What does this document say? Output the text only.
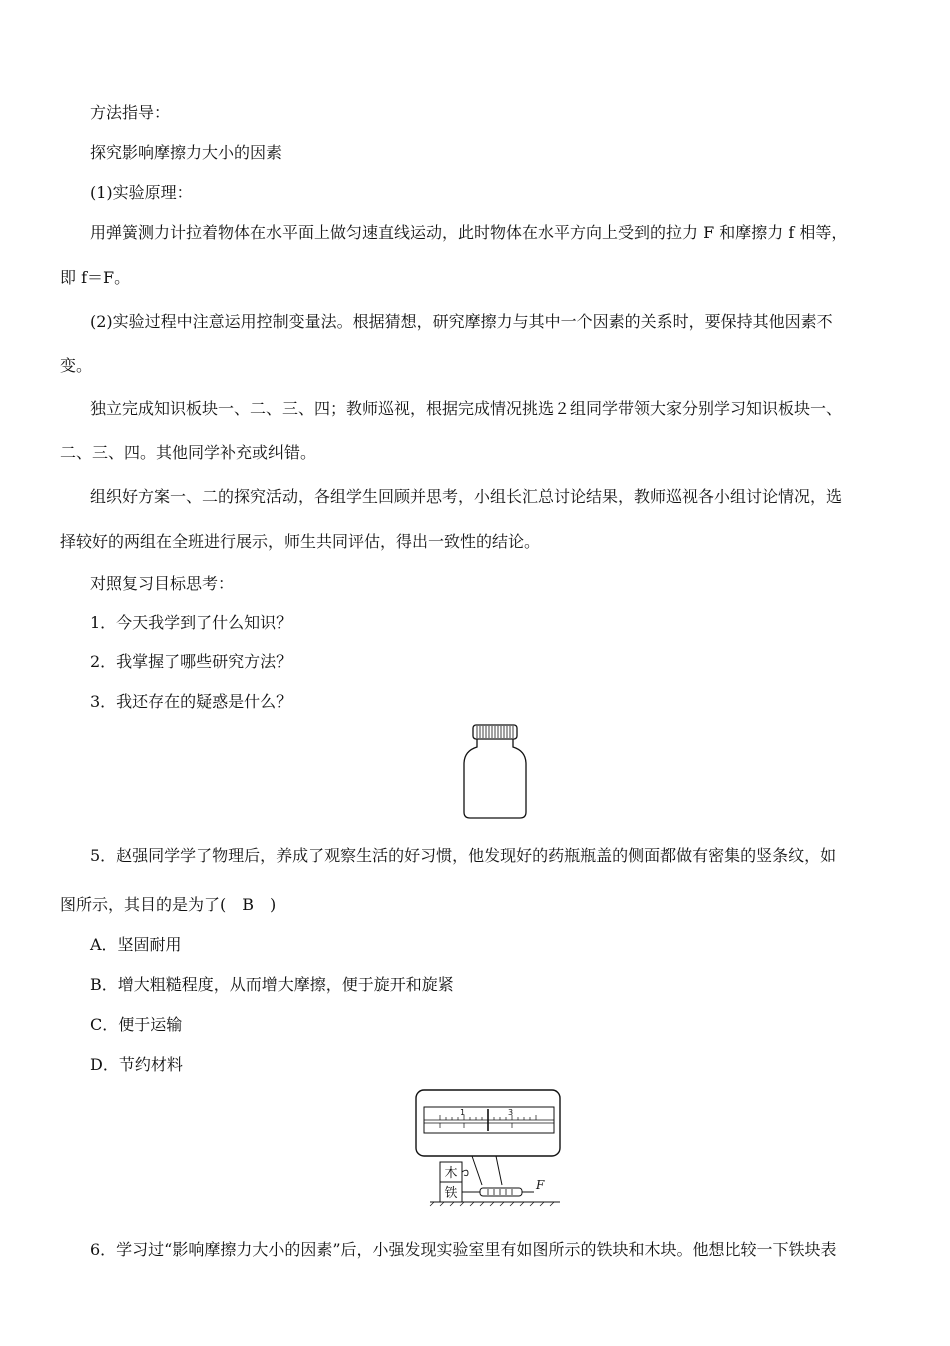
方法指导：
探究影响摩擦力大小的因素
(1)实验原理：
用弹簧测力计拉着物体在水平面上做匀速直线运动，此时物体在水平方向上受到的拉力 F 和摩擦力 f 相等，
即 f＝F。
(2)实验过程中注意运用控制变量法。根据猜想，研究摩擦力与其中一个因素的关系时，要保持其他因素不
变。
独立完成知识板块一、二、三、四；教师巡视，根据完成情况挑选２组同学带领大家分别学习知识板块一、
二、三、四。其他同学补充或纠错。
组织好方案一、二的探究活动，各组学生回顾并思考，小组长汇总讨论结果，教师巡视各小组讨论情况，选
择较好的两组在全班进行展示，师生共同评估，得出一致性的结论。
对照复习目标思考：
1．今天我学到了什么知识？
2．我掌握了哪些研究方法？
3．我还存在的疑惑是什么？
5．赵强同学学了物理后，养成了观察生活的好习惯，他发现好的药瓶瓶盖的侧面都做有密集的竖条纹，如
图所示，其目的是为了(　B　)
A．坚固耐用
B．增大粗糙程度，从而增大摩擦，便于旋开和旋紧
C．便于运输
D．节约材料
1	3
木
铁
F
6．学习过“影响摩擦力大小的因素”后，小强发现实验室里有如图所示的铁块和木块。他想比较一下铁块表
